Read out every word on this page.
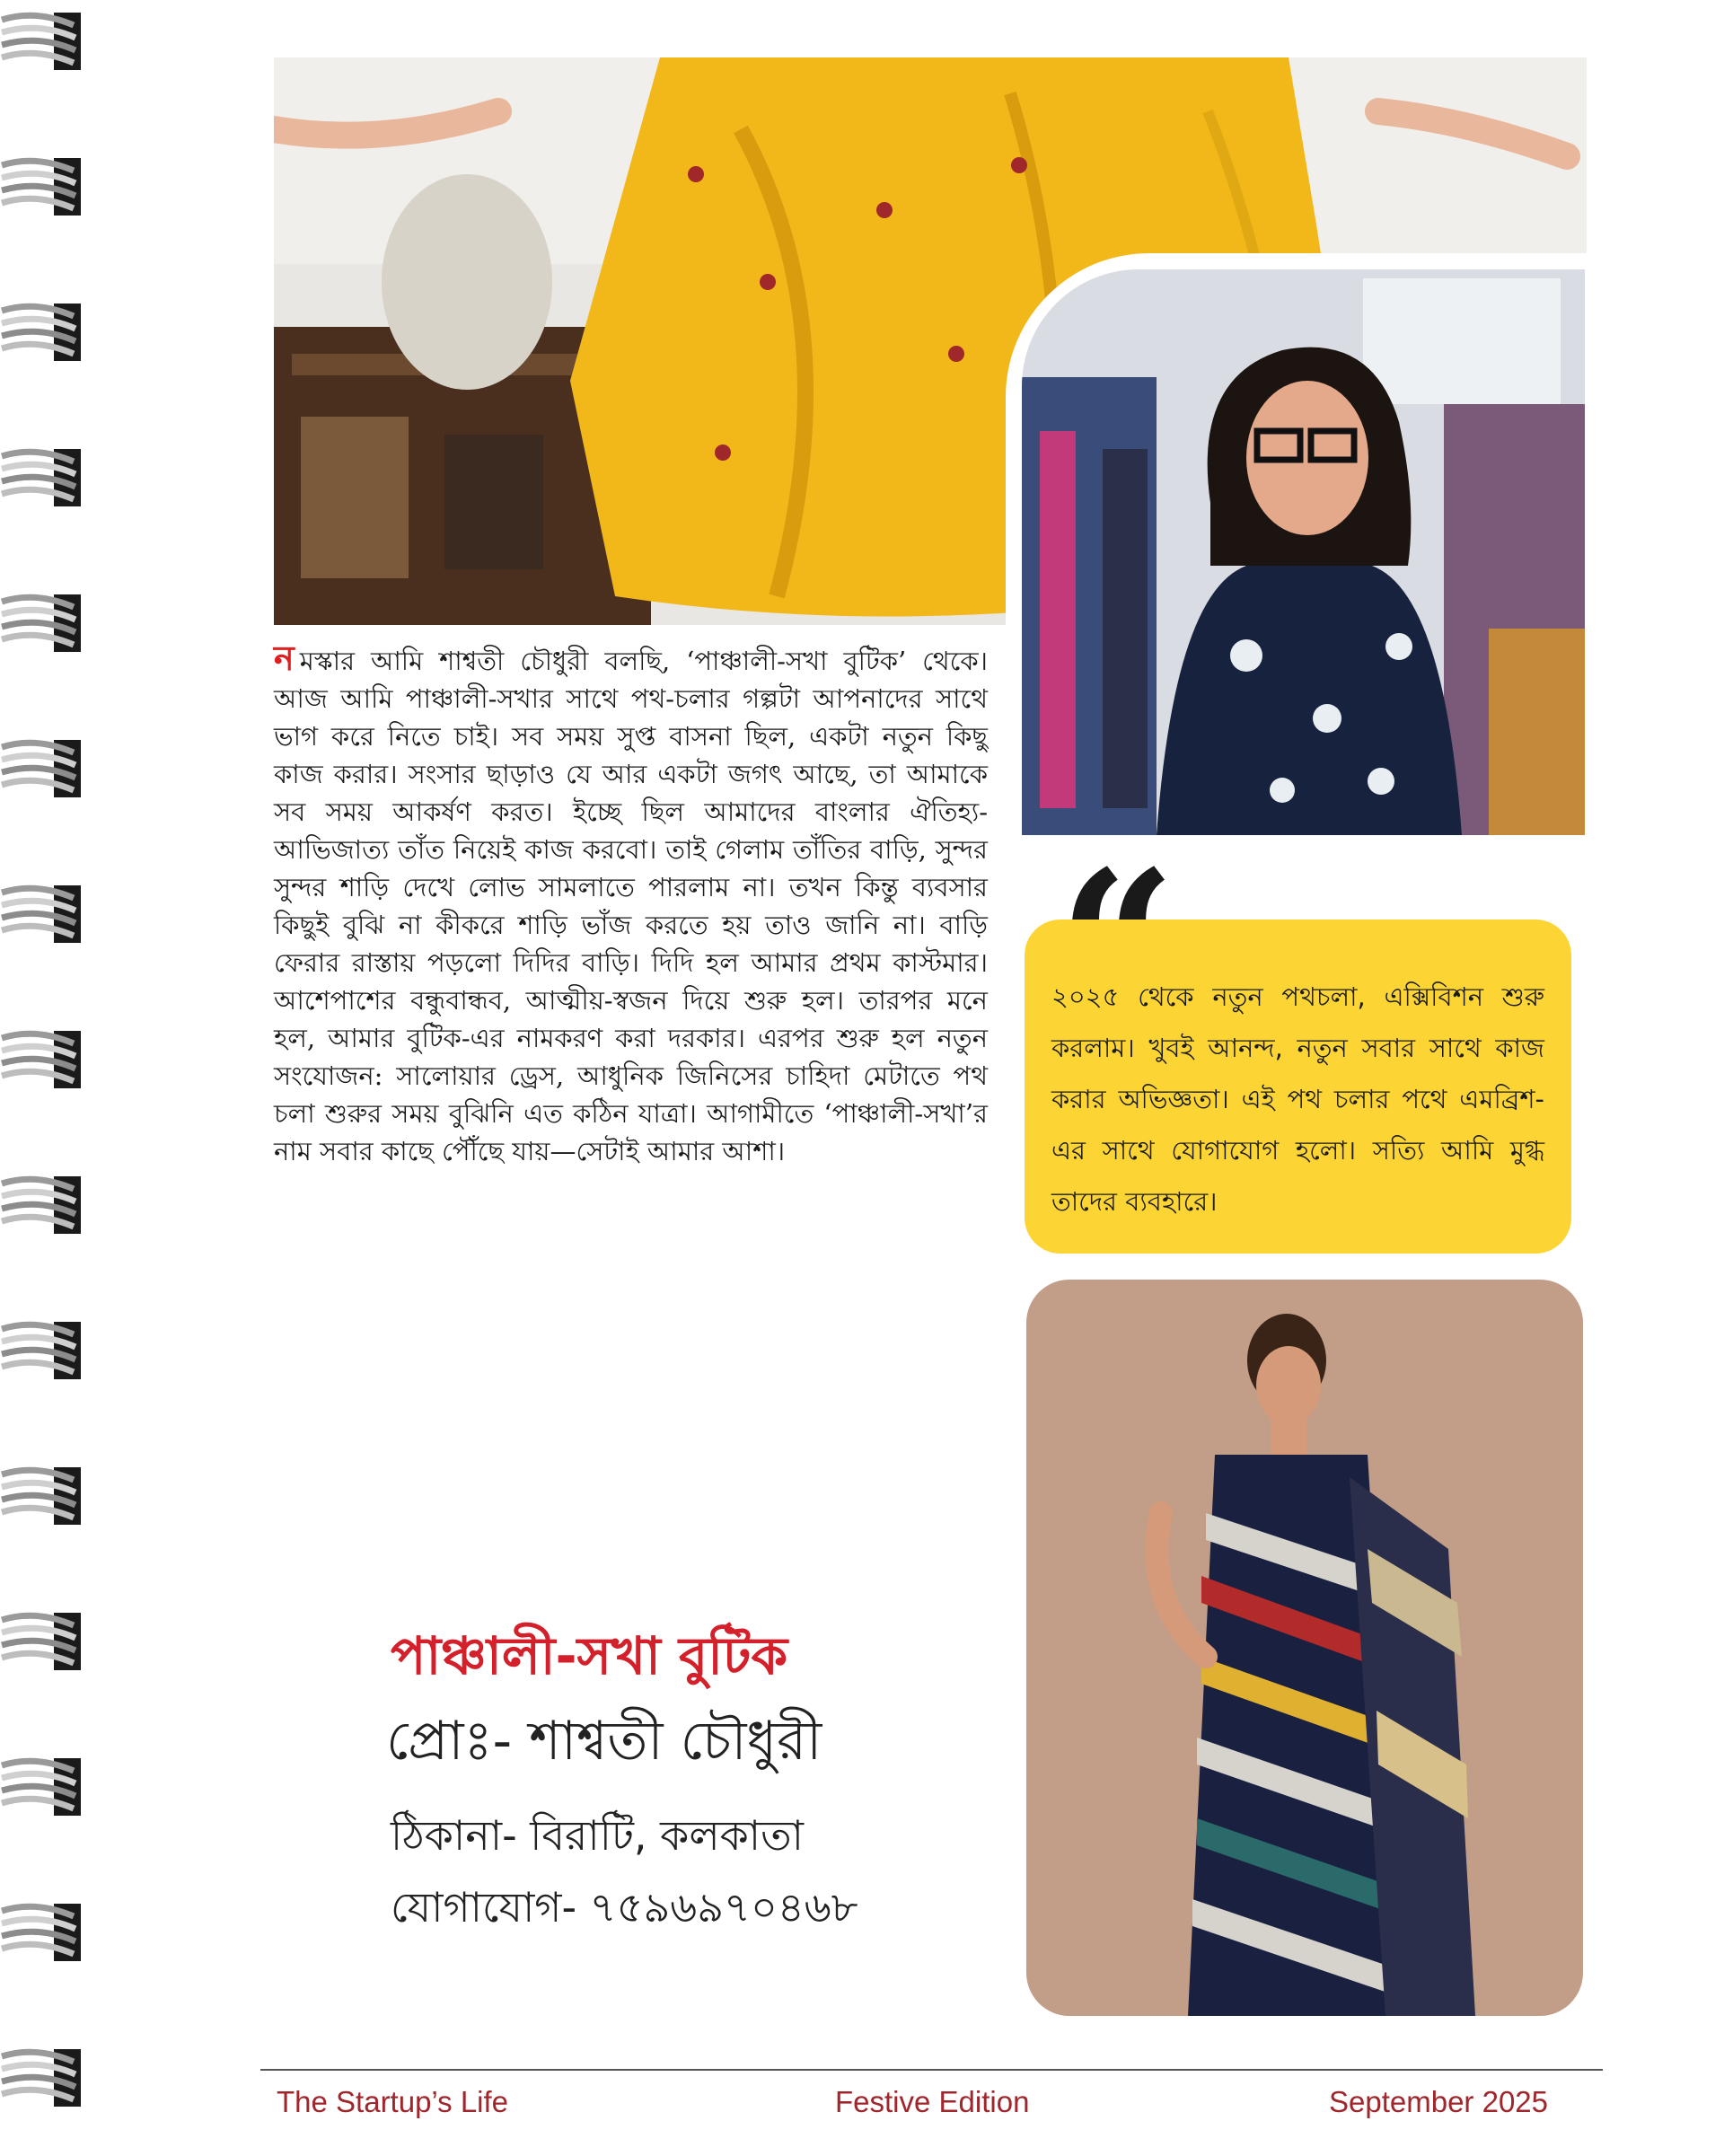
ন মস্কার আমি শাশ্বতী চৌধুরী বলছি, ‘পাঞ্চালী-সখা বুটিক’ থেকে। আজ আমি পাঞ্চালী-সখার সাথে পথ-চলার গল্পটা আপনাদের সাথে ভাগ করে নিতে চাই। সব সময় সুপ্ত বাসনা ছিল, একটা নতুন কিছু কাজ করার। সংসার ছাড়াও যে আর একটা জগৎ আছে, তা আমাকে সব সময় আকর্ষণ করত। ইচ্ছে ছিল আমাদের বাংলার ঐতিহ্য-আভিজাত্য তাঁত নিয়েই কাজ করবো। তাই গেলাম তাঁতির বাড়ি, সুন্দর সুন্দর শাড়ি দেখে লোভ সামলাতে পারলাম না। তখন কিন্তু ব্যবসার কিছুই বুঝি না কীকরে শাড়ি ভাঁজ করতে হয় তাও জানি না। বাড়ি ফেরার রাস্তায় পড়লো দিদির বাড়ি। দিদি হল আমার প্রথম কাস্টমার। আশেপাশের বন্ধুবান্ধব, আত্মীয়-স্বজন দিয়ে শুরু হল। তারপর মনে হল, আমার বুটিক-এর নামকরণ করা দরকার। এরপর শুরু হল নতুন সংযোজন: সালোয়ার ড্রেস, আধুনিক জিনিসের চাহিদা মেটাতে পথ চলা শুরুর সময় বুঝিনি এত কঠিন যাত্রা। আগামীতে ‘পাঞ্চালী-সখা’র নাম সবার কাছে পৌঁছে যায়—সেটাই আমার আশা।
২০২৫ থেকে নতুন পথচলা, এক্সিবিশন শুরু করলাম। খুবই আনন্দ, নতুন সবার সাথে কাজ করার অভিজ্ঞতা। এই পথ চলার পথে এমব্রিশ-এর সাথে যোগাযোগ হলো। সত্যি আমি মুগ্ধ তাদের ব্যবহারে।
পাঞ্চালী-সখা বুটিক
প্রোঃ- শাশ্বতী চৌধুরী
ঠিকানা- বিরাটি, কলকাতা
যোগাযোগ- ৭৫৯৬৯৭০৪৬৮
The Startup’s Life	Festive Edition	September 2025
